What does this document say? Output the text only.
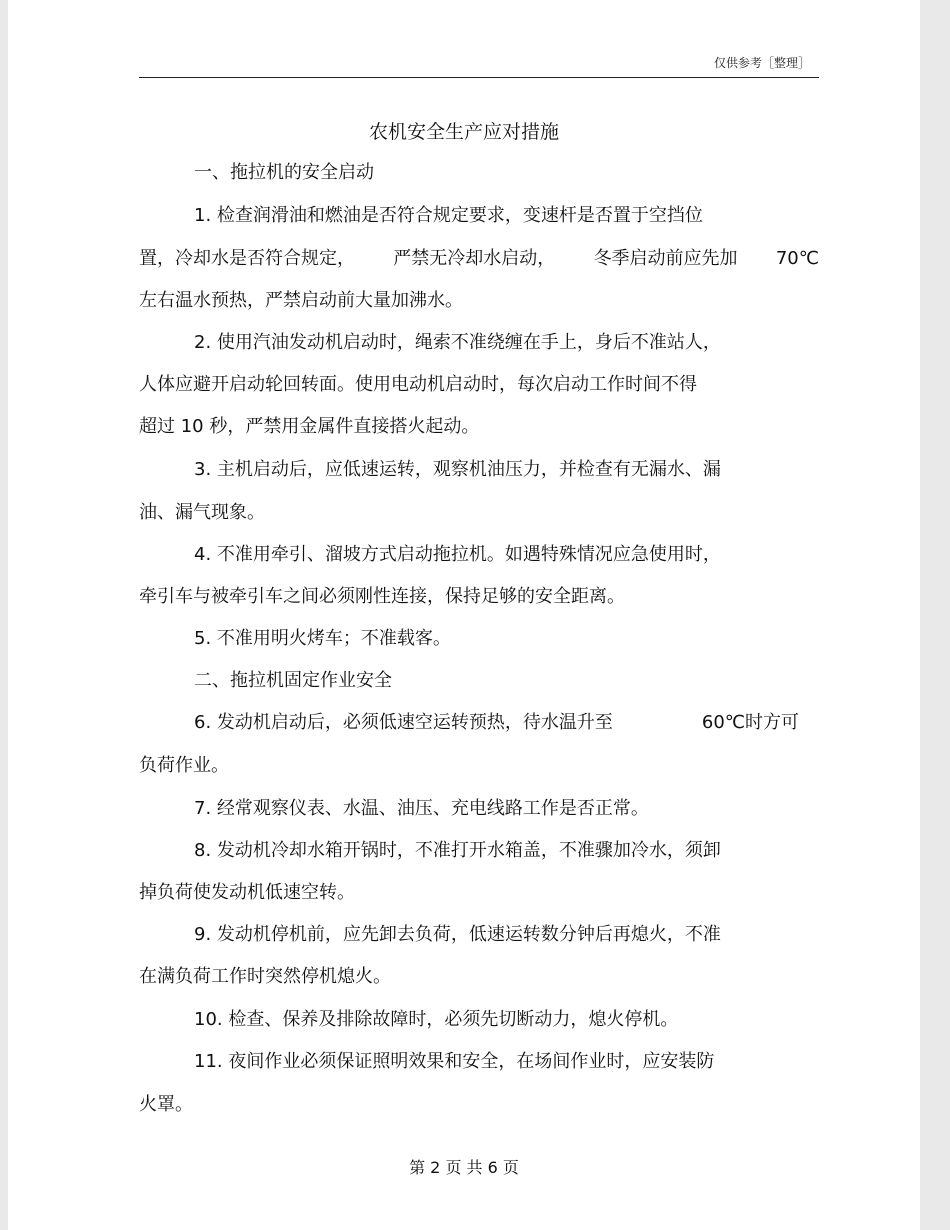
仅供参考［整理］
农机安全生产应对措施
一、拖拉机的安全启动
1. 检查润滑油和燃油是否符合规定要求，变速杆是否置于空挡位
置，冷却水是否符合规定， 严禁无冷却水启动， 冬季启动前应先加 70℃
左右温水预热，严禁启动前大量加沸水。
2. 使用汽油发动机启动时，绳索不准绕缠在手上，身后不准站人，
人体应避开启动轮回转面。使用电动机启动时，每次启动工作时间不得
超过 10 秒，严禁用金属件直接搭火起动。
3. 主机启动后，应低速运转，观察机油压力，并检查有无漏水、漏
油、漏气现象。
4. 不准用牵引、溜坡方式启动拖拉机。如遇特殊情况应急使用时，
牵引车与被牵引车之间必须刚性连接，保持足够的安全距离。
5. 不准用明火烤车；不准载客。
二、拖拉机固定作业安全
6. 发动机启动后，必须低速空运转预热，待水温升至	60℃时方可
负荷作业。
7. 经常观察仪表、水温、油压、充电线路工作是否正常。
8. 发动机冷却水箱开锅时，不准打开水箱盖，不准骤加冷水，须卸
掉负荷使发动机低速空转。
9. 发动机停机前，应先卸去负荷，低速运转数分钟后再熄火，不准
在满负荷工作时突然停机熄火。
10. 检查、保养及排除故障时，必须先切断动力，熄火停机。
11. 夜间作业必须保证照明效果和安全，在场间作业时，应安装防
火罩。
第 2 页 共 6 页
